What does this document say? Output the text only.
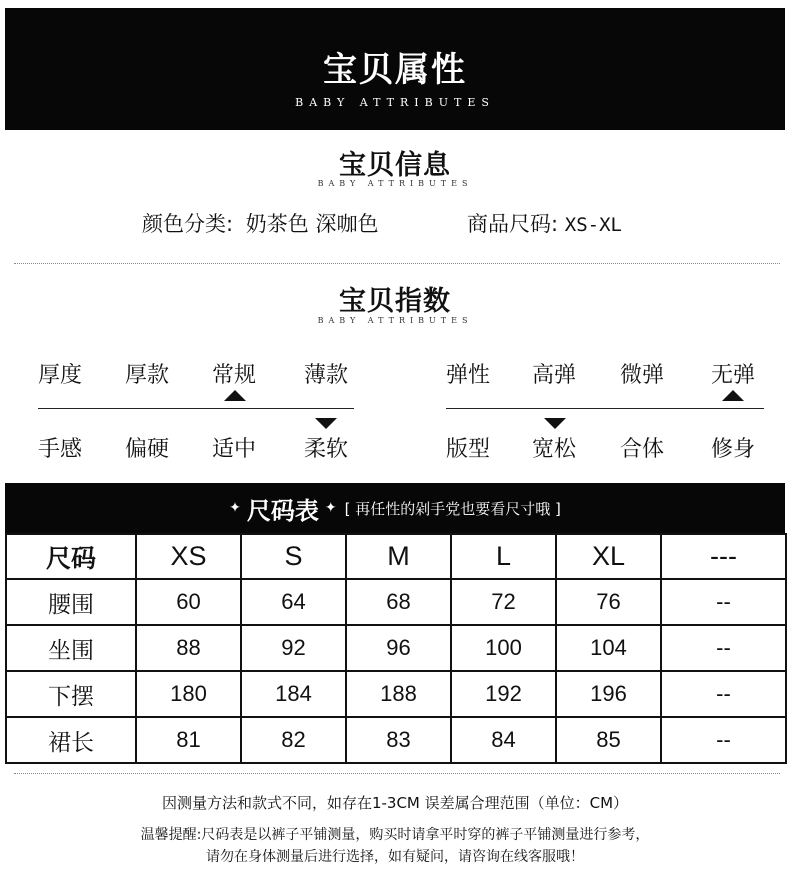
宝贝属性
BABY ATTRIBUTES
宝贝信息
BABY ATTRIBUTES
颜色分类: 奶茶色 深咖色	商品尺码: XS-XL
宝贝指数
BABY ATTRIBUTES
厚度 厚款 常规 薄款	弹性 高弹 微弹 无弹
手感 偏硬 适中 柔软	版型 宽松 合体 修身
✦ 尺码表 ✦ [ 再任性的剁手党也要看尺寸哦 ]
尺码	XS	S	M	L	XL	---
腰围	60	64	68	72	76	--
坐围	88	92	96	100	104	--
下摆	180	184	188	192	196	--
裙长	81	82	83	84	85	--
因测量方法和款式不同，如存在1-3CM 误差属合理范围（单位：CM）
温馨提醒:尺码表是以裤子平铺测量，购买时请拿平时穿的裤子平铺测量进行参考，
请勿在身体测量后进行选择，如有疑问，请咨询在线客服哦！
